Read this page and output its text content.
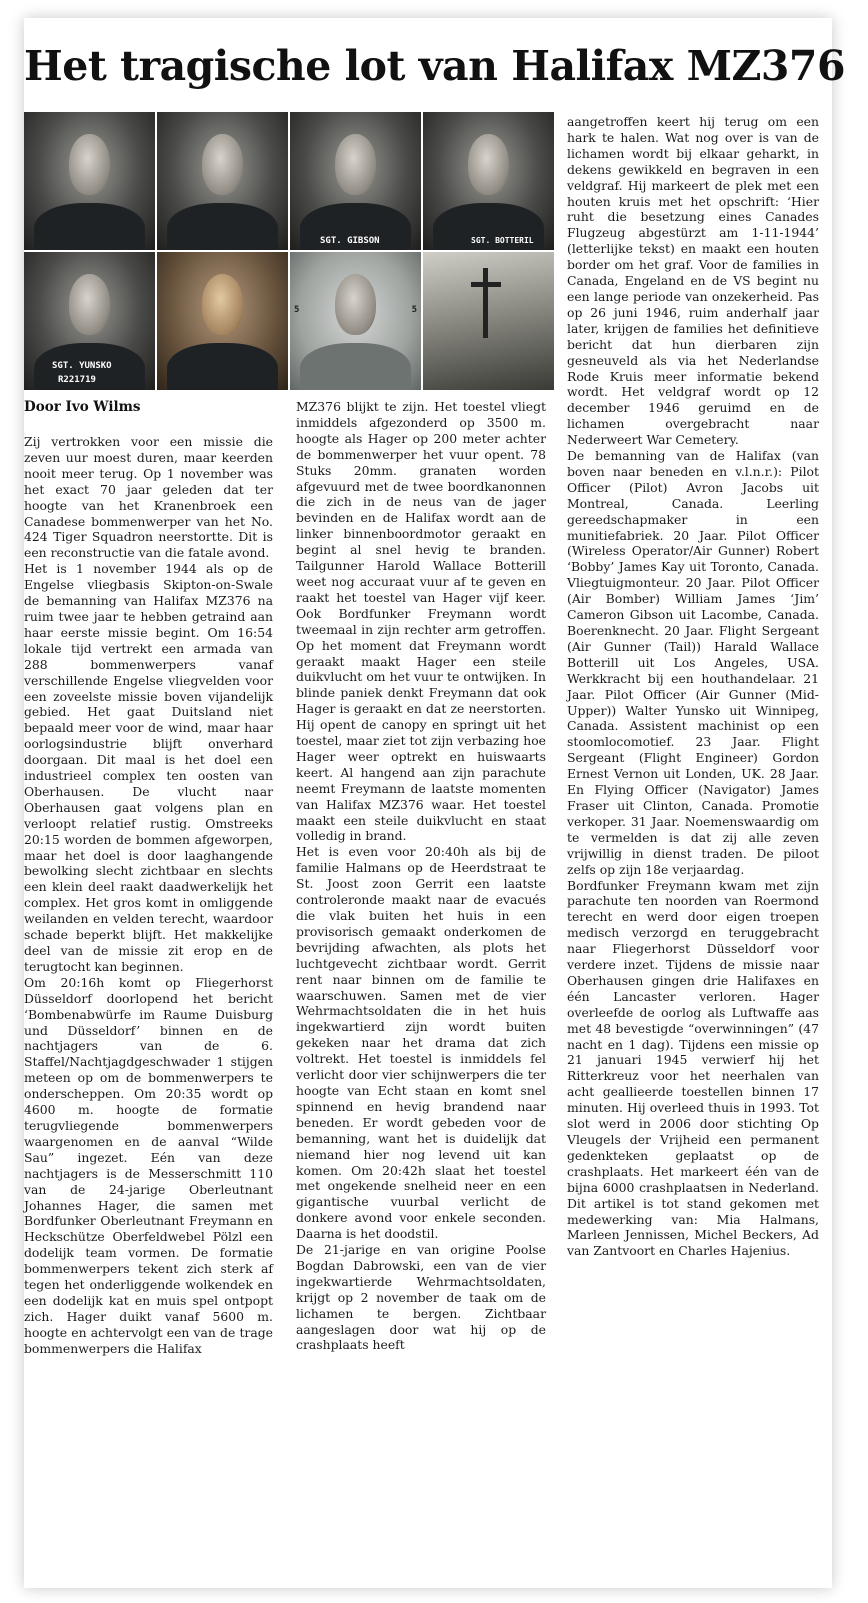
Het tragische lot van Halifax MZ376
SGT. GIBSON	SGT. BOTTERIL
SGT. YUNSKO
R221719
5	5
Door Ivo Wilms

Zij vertrokken voor een missie die zeven uur moest duren, maar keerden nooit meer terug. Op 1 november was het exact 70 jaar geleden dat ter hoogte van het Kranenbroek een Canadese bommenwerper van het No. 424 Tiger Squadron neerstortte. Dit is een reconstructie van die fatale avond.

Het is 1 november 1944 als op de Engelse vliegbasis Skipton-on-Swale de bemanning van Halifax MZ376 na ruim twee jaar te hebben getraind aan haar eerste missie begint. Om 16:54 lokale tijd vertrekt een armada van 288 bommenwerpers vanaf verschillende Engelse vliegvelden voor een zoveelste missie boven vijandelijk gebied. Het gaat Duitsland niet bepaald meer voor de wind, maar haar oorlogsindustrie blijft onverhard doorgaan. Dit maal is het doel een industrieel complex ten oosten van Oberhausen. De vlucht naar Oberhausen gaat volgens plan en verloopt relatief rustig. Omstreeks 20:15 worden de bommen afgeworpen, maar het doel is door laaghangende bewolking slecht zichtbaar en slechts een klein deel raakt daadwerkelijk het complex. Het gros komt in omliggende weilanden en velden terecht, waardoor schade beperkt blijft. Het makkelijke deel van de missie zit erop en de terugtocht kan beginnen.

Om 20:16h komt op Fliegerhorst Düsseldorf doorlopend het bericht ‘Bombenabwürfe im Raume Duisburg und Düsseldorf’ binnen en de nachtjagers van de 6. Staffel/Nachtjagdgeschwader 1 stijgen meteen op om de bommenwerpers te onderscheppen. Om 20:35 wordt op 4600 m. hoogte de formatie terugvliegende bommenwerpers waargenomen en de aanval “Wilde Sau” ingezet. Eén van deze nachtjagers is de Messerschmitt 110 van de 24-jarige Oberleutnant Johannes Hager, die samen met Bordfunker Oberleutnant Freymann en Heckschütze Oberfeldwebel Pölzl een dodelijk team vormen. De formatie bommenwerpers tekent zich sterk af tegen het onderliggende wolkendek en een dodelijk kat en muis spel ontpopt zich. Hager duikt vanaf 5600 m. hoogte en achtervolgt een van de trage bommenwerpers die Halifax

MZ376 blijkt te zijn. Het toestel vliegt inmiddels afgezonderd op 3500 m. hoogte als Hager op 200 meter achter de bommenwerper het vuur opent. 78 Stuks 20mm. granaten worden afgevuurd met de twee boordkanonnen die zich in de neus van de jager bevinden en de Halifax wordt aan de linker binnenboordmotor geraakt en begint al snel hevig te branden. Tailgunner Harold Wallace Botterill weet nog accuraat vuur af te geven en raakt het toestel van Hager vijf keer. Ook Bordfunker Freymann wordt tweemaal in zijn rechter arm getroffen. Op het moment dat Freymann wordt geraakt maakt Hager een steile duikvlucht om het vuur te ontwijken. In blinde paniek denkt Freymann dat ook Hager is geraakt en dat ze neerstorten. Hij opent de canopy en springt uit het toestel, maar ziet tot zijn verbazing hoe Hager weer optrekt en huiswaarts keert. Al hangend aan zijn parachute neemt Freymann de laatste momenten van Halifax MZ376 waar. Het toestel maakt een steile duikvlucht en staat volledig in brand.

Het is even voor 20:40h als bij de familie Halmans op de Heerdstraat te St. Joost zoon Gerrit een laatste controleronde maakt naar de evacués die vlak buiten het huis in een provisorisch gemaakt onderkomen de bevrijding afwachten, als plots het luchtgevecht zichtbaar wordt. Gerrit rent naar binnen om de familie te waarschuwen. Samen met de vier Wehrmachtsoldaten die in het huis ingekwartierd zijn wordt buiten gekeken naar het drama dat zich voltrekt. Het toestel is inmiddels fel verlicht door vier schijnwerpers die ter hoogte van Echt staan en komt snel spinnend en hevig brandend naar beneden. Er wordt gebeden voor de bemanning, want het is duidelijk dat niemand hier nog levend uit kan komen. Om 20:42h slaat het toestel met ongekende snelheid neer en een gigantische vuurbal verlicht de donkere avond voor enkele seconden. Daarna is het doodstil.

De 21-jarige en van origine Poolse Bogdan Dabrowski, een van de vier ingekwartierde Wehrmachtsoldaten, krijgt op 2 november de taak om de lichamen te bergen. Zichtbaar aangeslagen door wat hij op de crashplaats heeft

aangetroffen keert hij terug om een hark te halen. Wat nog over is van de lichamen wordt bij elkaar geharkt, in dekens gewikkeld en begraven in een veldgraf. Hij markeert de plek met een houten kruis met het opschrift: ‘Hier ruht die besetzung eines Canades Flugzeug abgestürzt am 1-11-1944’ (letterlijke tekst) en maakt een houten border om het graf. Voor de families in Canada, Engeland en de VS begint nu een lange periode van onzekerheid. Pas op 26 juni 1946, ruim anderhalf jaar later, krijgen de families het definitieve bericht dat hun dierbaren zijn gesneuveld als via het Nederlandse Rode Kruis meer informatie bekend wordt. Het veldgraf wordt op 12 december 1946 geruimd en de lichamen overgebracht naar Nederweert War Cemetery.

De bemanning van de Halifax (van boven naar beneden en v.l.n.r.): Pilot Officer (Pilot) Avron Jacobs uit Montreal, Canada. Leerling gereedschapmaker in een munitiefabriek. 20 Jaar. Pilot Officer (Wireless Operator/Air Gunner) Robert ‘Bobby’ James Kay uit Toronto, Canada. Vliegtuigmonteur. 20 Jaar. Pilot Officer (Air Bomber) William James ‘Jim’ Cameron Gibson uit Lacombe, Canada. Boerenknecht. 20 Jaar. Flight Sergeant (Air Gunner (Tail)) Harald Wallace Botterill uit Los Angeles, USA. Werkkracht bij een houthandelaar. 21 Jaar. Pilot Officer (Air Gunner (Mid-Upper)) Walter Yunsko uit Winnipeg, Canada. Assistent machinist op een stoomlocomotief. 23 Jaar. Flight Sergeant (Flight Engineer) Gordon Ernest Vernon uit Londen, UK. 28 Jaar. En Flying Officer (Navigator) James Fraser uit Clinton, Canada. Promotie verkoper. 31 Jaar. Noemenswaardig om te vermelden is dat zij alle zeven vrijwillig in dienst traden. De piloot zelfs op zijn 18e verjaardag.

Bordfunker Freymann kwam met zijn parachute ten noorden van Roermond terecht en werd door eigen troepen medisch verzorgd en teruggebracht naar Fliegerhorst Düsseldorf voor verdere inzet. Tijdens de missie naar Oberhausen gingen drie Halifaxes en één Lancaster verloren. Hager overleefde de oorlog als Luftwaffe aas met 48 bevestigde “overwinningen” (47 nacht en 1 dag). Tijdens een missie op 21 januari 1945 verwierf hij het Ritterkreuz voor het neerhalen van acht geallieerde toestellen binnen 17 minuten. Hij overleed thuis in 1993. Tot slot werd in 2006 door stichting Op Vleugels der Vrijheid een permanent gedenkteken geplaatst op de crashplaats. Het markeert één van de bijna 6000 crashplaatsen in Nederland. Dit artikel is tot stand gekomen met medewerking van: Mia Halmans, Marleen Jennissen, Michel Beckers, Ad van Zantvoort en Charles Hajenius.
